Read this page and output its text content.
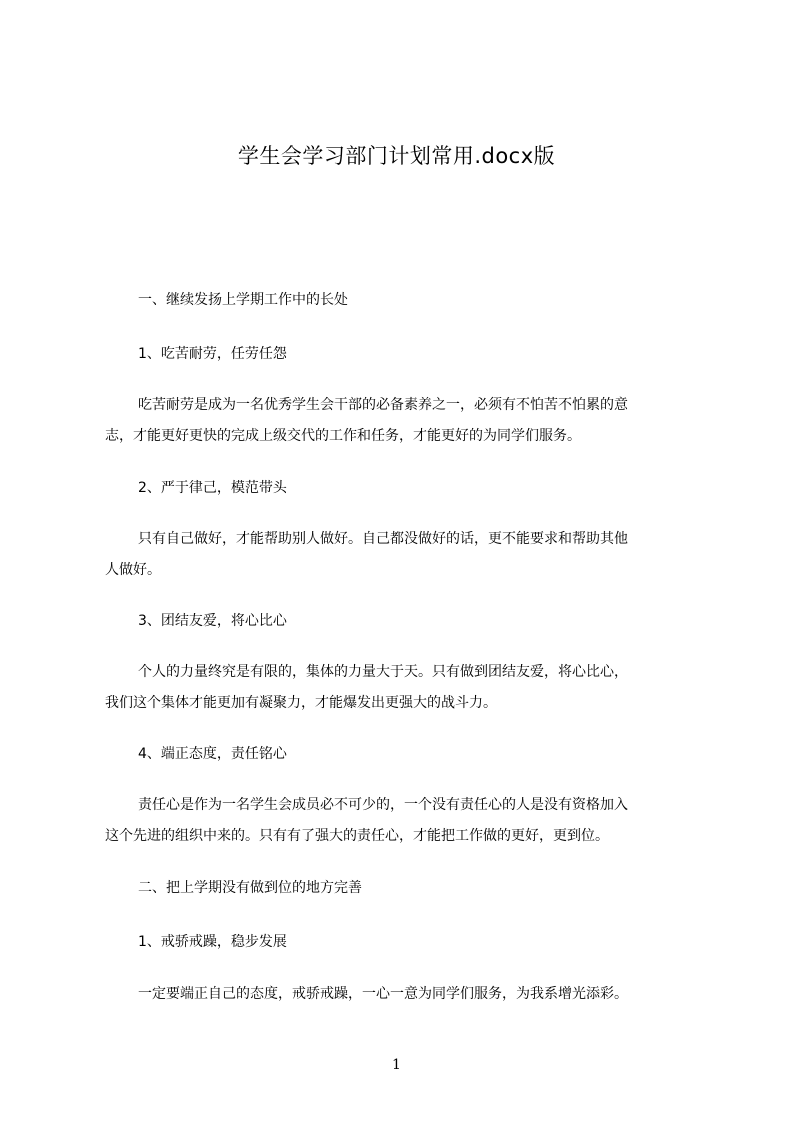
学生会学习部门计划常用.docx版
一、继续发扬上学期工作中的长处
1、吃苦耐劳，任劳任怨
吃苦耐劳是成为一名优秀学生会干部的必备素养之一，必须有不怕苦不怕累的意
志，才能更好更快的完成上级交代的工作和任务，才能更好的为同学们服务。
2、严于律己，模范带头
只有自己做好，才能帮助别人做好。自己都没做好的话，更不能要求和帮助其他
人做好。
3、团结友爱，将心比心
个人的力量终究是有限的，集体的力量大于天。只有做到团结友爱，将心比心，
我们这个集体才能更加有凝聚力，才能爆发出更强大的战斗力。
4、端正态度，责任铭心
责任心是作为一名学生会成员必不可少的，一个没有责任心的人是没有资格加入
这个先进的组织中来的。只有有了强大的责任心，才能把工作做的更好，更到位。
二、把上学期没有做到位的地方完善
1、戒骄戒躁，稳步发展
一定要端正自己的态度，戒骄戒躁，一心一意为同学们服务，为我系增光添彩。
1
